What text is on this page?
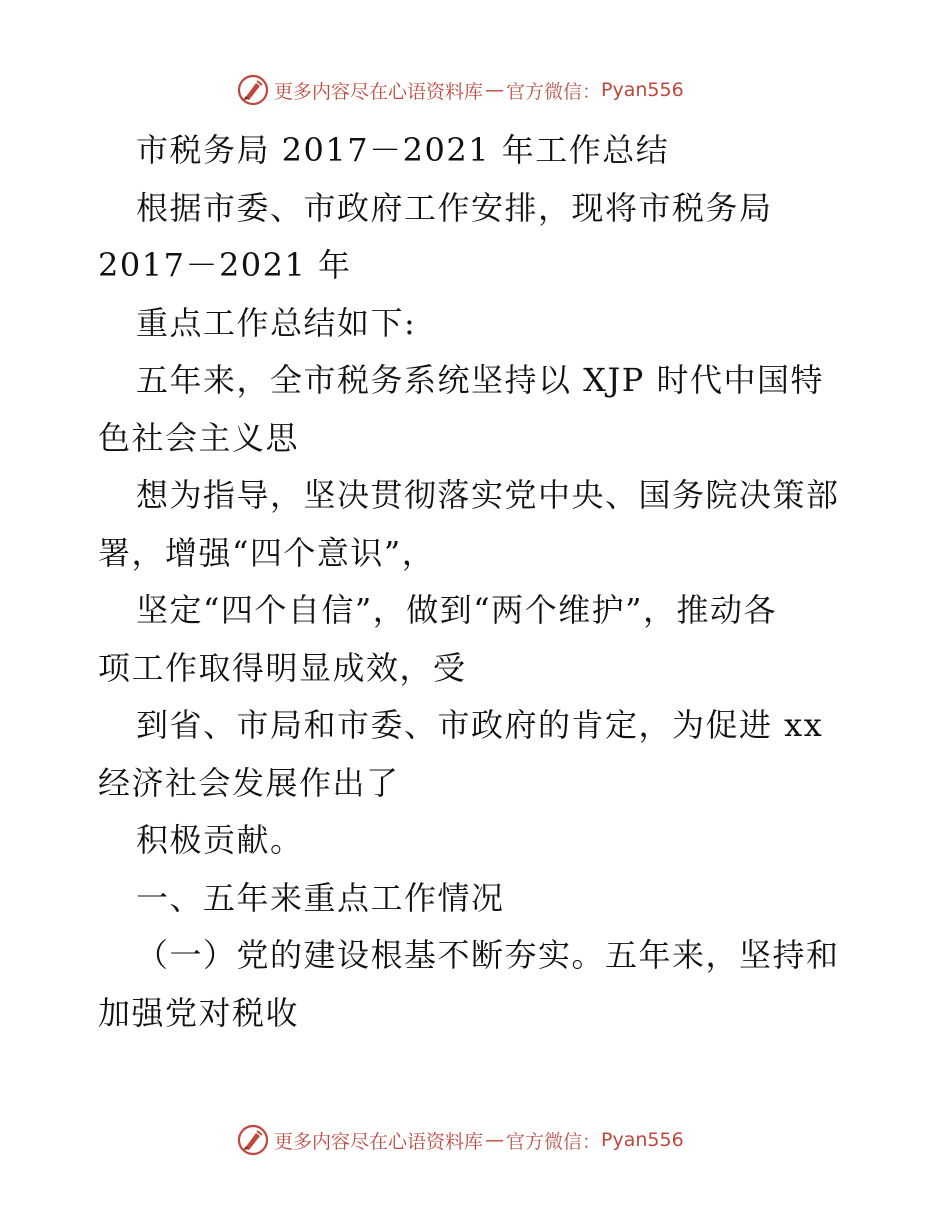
更多内容尽在心语资料库 — 官方微信： Pyan556
市税务局 2017－2021 年工作总结
根据市委、市政府工作安排，现将市税务局
2017－2021 年
重点工作总结如下:
五年来，全市税务系统坚持以 XJP 时代中国特
色社会主义思
想为指导，坚决贯彻落实党中央、国务院决策部
署，增强“四个意识”，
坚定“四个自信”，做到“两个维护”，推动各
项工作取得明显成效，受
到省、市局和市委、市政府的肯定，为促进 xx
经济社会发展作出了
积极贡献。
一、五年来重点工作情况
（一）党的建设根基不断夯实。五年来，坚持和
加强党对税收
更多内容尽在心语资料库 — 官方微信： Pyan556
